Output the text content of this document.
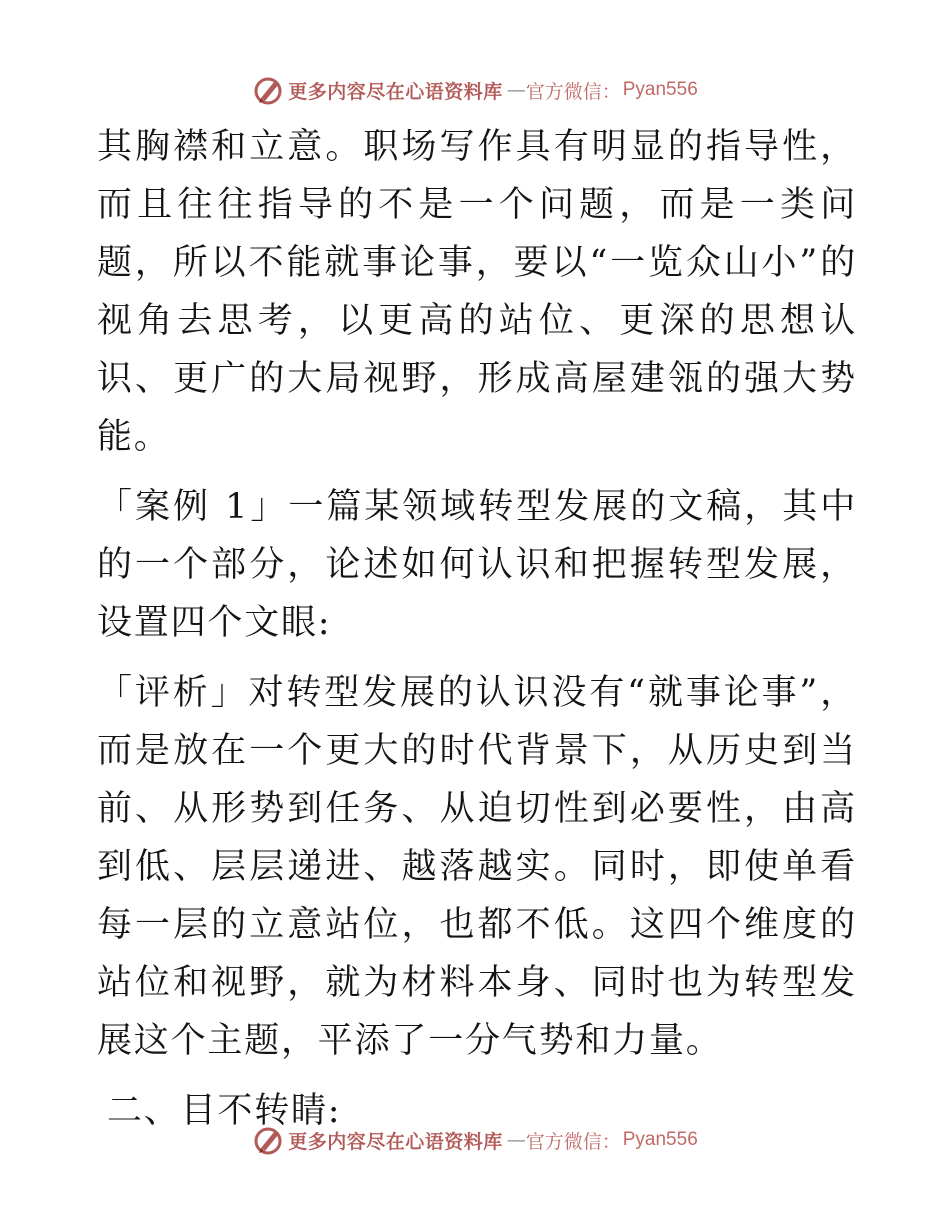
更多内容尽在心语资料库 — 官方微信： Pyan556

其胸襟和立意。职场写作具有明显的指导性，而且往往指导的不是一个问题，而是一类问题，所以不能就事论事，要以“一览众山小”的视角去思考，以更高的站位、更深的思想认识、更广的大局视野，形成高屋建瓴的强大势能。

「案例 1」一篇某领域转型发展的文稿，其中的一个部分，论述如何认识和把握转型发展，设置四个文眼:

「评析」对转型发展的认识没有“就事论事”，而是放在一个更大的时代背景下，从历史到当前、从形势到任务、从迫切性到必要性，由高到低、层层递进、越落越实。同时，即使单看每一层的立意站位，也都不低。这四个维度的站位和视野，就为材料本身、同时也为转型发展这个主题，平添了一分气势和力量。

二、目不转睛:

更多内容尽在心语资料库 — 官方微信： Pyan556
